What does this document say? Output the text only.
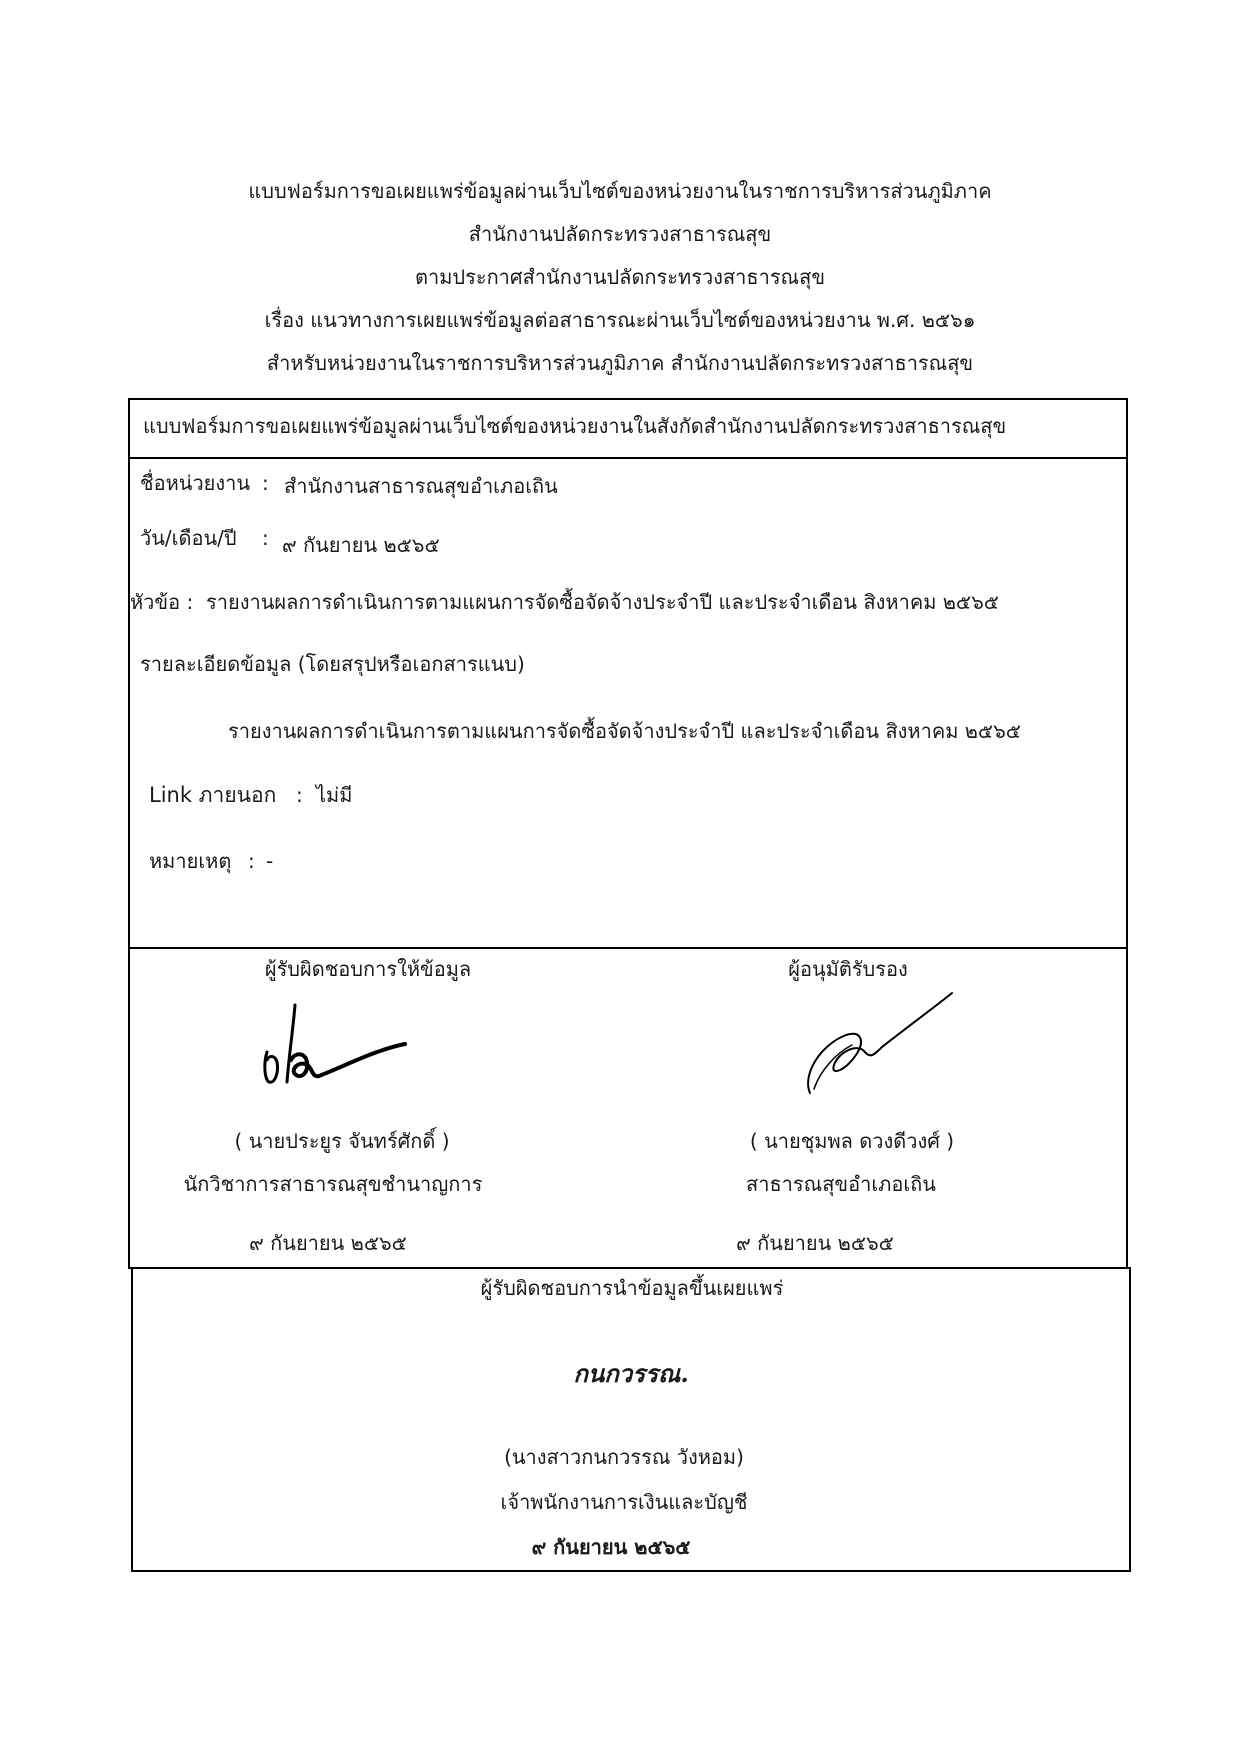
แบบฟอร์มการขอเผยแพร่ข้อมูลผ่านเว็บไซต์ของหน่วยงานในราชการบริหารส่วนภูมิภาค
สำนักงานปลัดกระทรวงสาธารณสุข
ตามประกาศสำนักงานปลัดกระทรวงสาธารณสุข
เรื่อง แนวทางการเผยแพร่ข้อมูลต่อสาธารณะผ่านเว็บไซต์ของหน่วยงาน พ.ศ. ๒๕๖๑
สำหรับหน่วยงานในราชการบริหารส่วนภูมิภาค สำนักงานปลัดกระทรวงสาธารณสุข
แบบฟอร์มการขอเผยแพร่ข้อมูลผ่านเว็บไซต์ของหน่วยงานในสังกัดสำนักงานปลัดกระทรวงสาธารณสุข
ชื่อหน่วยงาน : สำนักงานสาธารณสุขอำเภอเถิน
วัน/เดือน/ปี : ๙ กันยายน ๒๕๖๕
หัวข้อ : รายงานผลการดำเนินการตามแผนการจัดซื้อจัดจ้างประจำปี และประจำเดือน สิงหาคม ๒๕๖๕
รายละเอียดข้อมูล (โดยสรุปหรือเอกสารแนบ)
รายงานผลการดำเนินการตามแผนการจัดซื้อจัดจ้างประจำปี และประจำเดือน สิงหาคม ๒๕๖๕
Link ภายนอก : ไม่มี
หมายเหตุ : -
ผู้รับผิดชอบการให้ข้อมูล
( นายประยูร จันทร์ศักดิ์ )
นักวิชาการสาธารณสุขชำนาญการ
๙ กันยายน ๒๕๖๕
ผู้อนุมัติรับรอง
( นายชุมพล ดวงดีวงศ์ )
สาธารณสุขอำเภอเถิน
๙ กันยายน ๒๕๖๕
ผู้รับผิดชอบการนำข้อมูลขึ้นเผยแพร่
กนกวรรณ.
(นางสาวกนกวรรณ วังหอม)
เจ้าพนักงานการเงินและบัญชี
๙ กันยายน ๒๕๖๕
